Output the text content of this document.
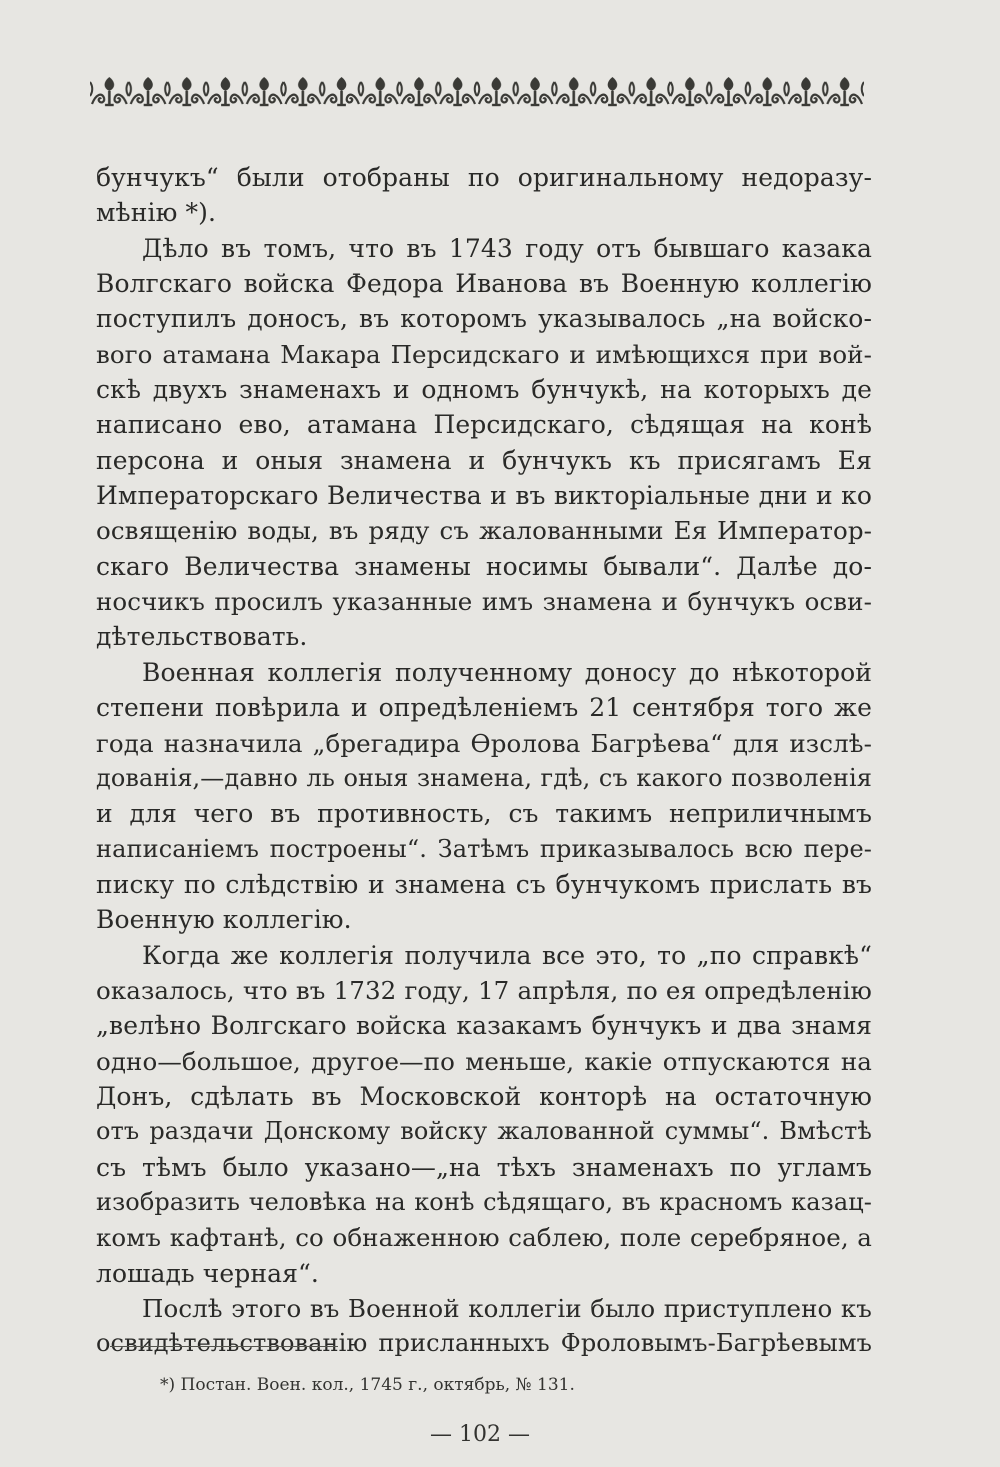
бунчукъ“ были отобраны по оригинальному недоразу-
мѣнію *).
Дѣло въ томъ, что въ 1743 году отъ бывшаго казака
Волгскаго войска Федора Иванова въ Военную коллегію
поступилъ доносъ, въ которомъ указывалось „на войско-
вого атамана Макара Персидскаго и имѣющихся при вой-
скѣ двухъ знаменахъ и одномъ бунчукѣ, на которыхъ де
написано ево, атамана Персидскаго, сѣдящая на конѣ
персона и оныя знамена и бунчукъ къ присягамъ Ея
Императорскаго Величества и въ викторіальные дни и ко
освященію воды, въ ряду съ жалованными Ея Император-
скаго Величества знамены носимы бывали“. Далѣе до-
носчикъ просилъ указанные имъ знамена и бунчукъ осви-
дѣтельствовать.
Военная коллегія полученному доносу до нѣкоторой
степени повѣрила и опредѣленіемъ 21 сентября того же
года назначила „брегадира Ѳролова Багрѣева“ для изслѣ-
дованія,—давно ль оныя знамена, гдѣ, съ какого позволенія
и для чего въ противность, съ такимъ неприличнымъ
написаніемъ построены“. Затѣмъ приказывалось всю пере-
писку по слѣдствію и знамена съ бунчукомъ прислать въ
Военную коллегію.
Когда же коллегія получила все это, то „по справкѣ“
оказалось, что въ 1732 году, 17 апрѣля, по ея опредѣленію
„велѣно Волгскаго войска казакамъ бунчукъ и два знамя
одно—большое, другое—по меньше, какіе отпускаются на
Донъ, сдѣлать въ Московской конторѣ на остаточную
отъ раздачи Донскому войску жалованной суммы“. Вмѣстѣ
съ тѣмъ было указано—„на тѣхъ знаменахъ по угламъ
изобразить человѣка на конѣ сѣдящаго, въ красномъ казац-
комъ кафтанѣ, со обнаженною саблею, поле серебряное, а
лошадь черная“.
Послѣ этого въ Военной коллегіи было приступлено къ
освидѣтельствованію присланныхъ Фроловымъ-Багрѣевымъ
*) Постан. Воен. кол., 1745 г., октябрь, № 131.
— 102 —
